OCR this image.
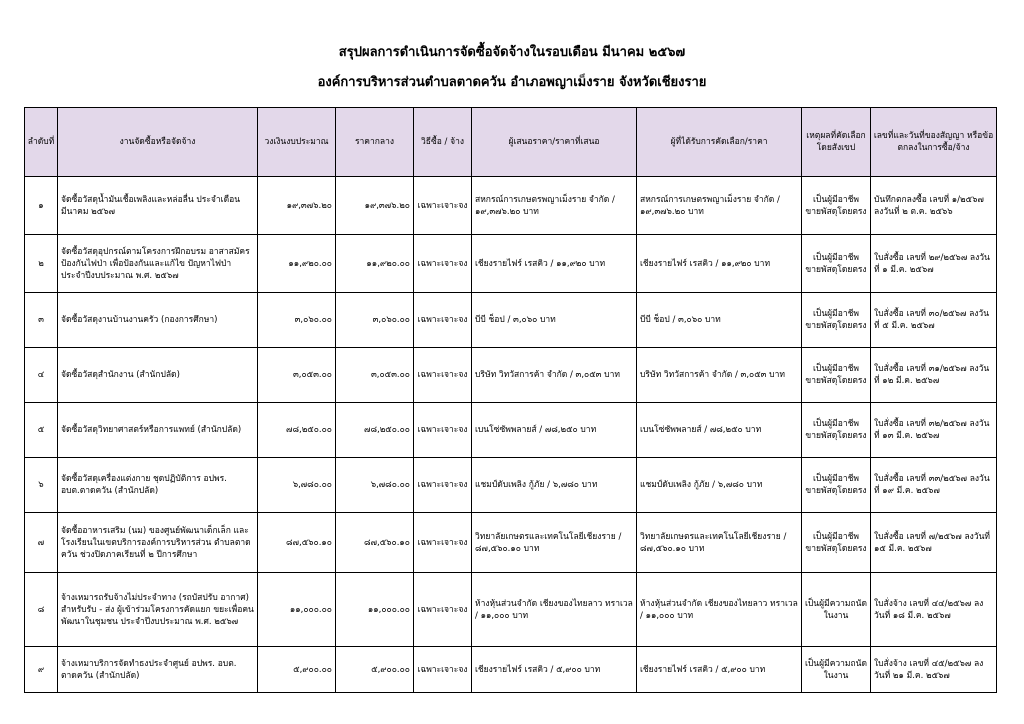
สรุปผลการดำเนินการจัดซื้อจัดจ้างในรอบเดือน มีนาคม ๒๕๖๗
องค์การบริหารส่วนตำบลตาดควัน อำเภอพญาเม็งราย จังหวัดเชียงราย
ลำดับที่	งานจัดซื้อหรือจัดจ้าง	วงเงินงบประมาณ	ราคากลาง	วิธีซื้อ / จ้าง	ผู้เสนอราคา/ราคาที่เสนอ	ผู้ที่ได้รับการคัดเลือก/ราคา	เหตุผลที่คัดเลือก โดยสังเขป	เลขที่และวันที่ของสัญญา หรือข้อตกลงในการซื้อ/จ้าง
๑	จัดซื้อวัสดุน้ำมันเชื้อเพลิงและหล่อลื่น ประจำเดือน มีนาคม ๒๕๖๗	๑๙,๓๗๖.๒๐	๑๙,๓๗๖.๒๐	เฉพาะเจาะจง	สหกรณ์การเกษตรพญาเม็งราย จำกัด / ๑๙,๓๗๖.๒๐ บาท	สหกรณ์การเกษตรพญาเม็งราย จำกัด / ๑๙,๓๗๖.๒๐ บาท	เป็นผู้มีอาชีพ ขายพัสดุโดยตรง	บันทึกตกลงซื้อ เลขที่ ๑/๒๕๖๗ ลงวันที่ ๒ ต.ค. ๒๕๖๖
๒	จัดซื้อวัสดุอุปกรณ์ตามโครงการฝึกอบรม อาสาสมัครป้องกันไฟป่า เพื่อป้องกันและแก้ไข ปัญหาไฟป่า ประจำปีงบประมาณ พ.ศ. ๒๕๖๗	๑๑,๙๒๐.๐๐	๑๑,๙๒๐.๐๐	เฉพาะเจาะจง	เชียงรายไฟร์ เรสคิว / ๑๑,๙๒๐ บาท	เชียงรายไฟร์ เรสคิว / ๑๑,๙๒๐ บาท	เป็นผู้มีอาชีพ ขายพัสดุโดยตรง	ใบสั่งซื้อ เลขที่ ๒๙/๒๕๖๗ ลงวันที่ ๑ มี.ค. ๒๕๖๗
๓	จัดซื้อวัสดุงานบ้านงานครัว (กองการศึกษา)	๓,๐๖๐.๐๐	๓,๐๖๐.๐๐	เฉพาะเจาะจง	บีบี ช็อป / ๓,๐๖๐ บาท	บีบี ช็อป / ๓,๐๖๐ บาท	เป็นผู้มีอาชีพ ขายพัสดุโดยตรง	ใบสั่งซื้อ เลขที่ ๓๐/๒๕๖๗ ลงวันที่ ๕ มี.ค. ๒๕๖๗
๔	จัดซื้อวัสดุสำนักงาน (สำนักปลัด)	๓,๐๕๓.๐๐	๓,๐๕๓.๐๐	เฉพาะเจาะจง	บริษัท วิทวัสการค้า จำกัด / ๓,๐๕๓ บาท	บริษัท วิทวัสการค้า จำกัด / ๓,๐๕๓ บาท	เป็นผู้มีอาชีพ ขายพัสดุโดยตรง	ใบสั่งซื้อ เลขที่ ๓๑/๒๕๖๗ ลงวันที่ ๑๒ มี.ค. ๒๕๖๗
๕	จัดซื้อวัสดุวิทยาศาสตร์หรือการแพทย์ (สำนักปลัด)	๗๘,๒๕๐.๐๐	๗๘,๒๕๐.๐๐	เฉพาะเจาะจง	เบนโซ่ซัพพลายส์ / ๗๘,๒๕๐ บาท	เบนโซ่ซัพพลายส์ / ๗๘,๒๕๐ บาท	เป็นผู้มีอาชีพ ขายพัสดุโดยตรง	ใบสั่งซื้อ เลขที่ ๓๒/๒๕๖๗ ลงวันที่ ๑๓ มี.ค. ๒๕๖๗
๖	จัดซื้อวัสดุเครื่องแต่งกาย ชุดปฏิบัติการ อปพร. อบต.ตาดควัน (สำนักปลัด)	๖,๗๘๐.๐๐	๖,๗๘๐.๐๐	เฉพาะเจาะจง	แชมป์ดับเพลิง กู้ภัย / ๖,๗๘๐ บาท	แชมป์ดับเพลิง กู้ภัย / ๖,๗๘๐ บาท	เป็นผู้มีอาชีพ ขายพัสดุโดยตรง	ใบสั่งซื้อ เลขที่ ๓๓/๒๕๖๗ ลงวันที่ ๑๙ มี.ค. ๒๕๖๗
๗	จัดซื้ออาหารเสริม (นม) ของศูนย์พัฒนาเด็กเล็ก และโรงเรียนในเขตบริการองค์การบริหารส่วน ตำบลตาดควัน ช่วงปิดภาคเรียนที่ ๒ ปีการศึกษา	๘๗,๕๖๐.๑๐	๘๗,๕๖๐.๑๐	เฉพาะเจาะจง	วิทยาลัยเกษตรและเทคโนโลยีเชียงราย / ๘๗,๕๖๐.๑๐ บาท	วิทยาลัยเกษตรและเทคโนโลยีเชียงราย / ๘๗,๕๖๐.๑๐ บาท	เป็นผู้มีอาชีพ ขายพัสดุโดยตรง	ใบสั่งซื้อ เลขที่ ๗/๒๕๖๗ ลงวันที่ ๑๕ มี.ค. ๒๕๖๗
๘	จ้างเหมารถรับจ้างไม่ประจำทาง (รถบัสปรับ อากาศ) สำหรับรับ - ส่ง ผู้เข้าร่วมโครงการคัดแยก ขยะเพื่อคนพัฒนาในชุมชน ประจำปีงบประมาณ พ.ศ. ๒๕๖๗	๑๑,๐๐๐.๐๐	๑๑,๐๐๐.๐๐	เฉพาะเจาะจง	ห้างหุ้นส่วนจำกัด เชียงของไทยลาว ทราเวล / ๑๑,๐๐๐ บาท	ห้างหุ้นส่วนจำกัด เชียงของไทยลาว ทราเวล / ๑๑,๐๐๐ บาท	เป็นผู้มีความถนัด ในงาน	ใบสั่งจ้าง เลขที่ ๔๔/๒๕๖๗ ลงวันที่ ๑๘ มี.ค. ๒๕๖๗
๙	จ้างเหมาบริการจัดทำธงประจำศูนย์ อปพร. อบต. ตาดควัน (สำนักปลัด)	๕,๙๐๐.๐๐	๕,๙๐๐.๐๐	เฉพาะเจาะจง	เชียงรายไฟร์ เรสคิว / ๕,๙๐๐ บาท	เชียงรายไฟร์ เรสคิว / ๕,๙๐๐ บาท	เป็นผู้มีความถนัด ในงาน	ใบสั่งจ้าง เลขที่ ๔๕/๒๕๖๗ ลงวันที่ ๒๑ มี.ค. ๒๕๖๗
